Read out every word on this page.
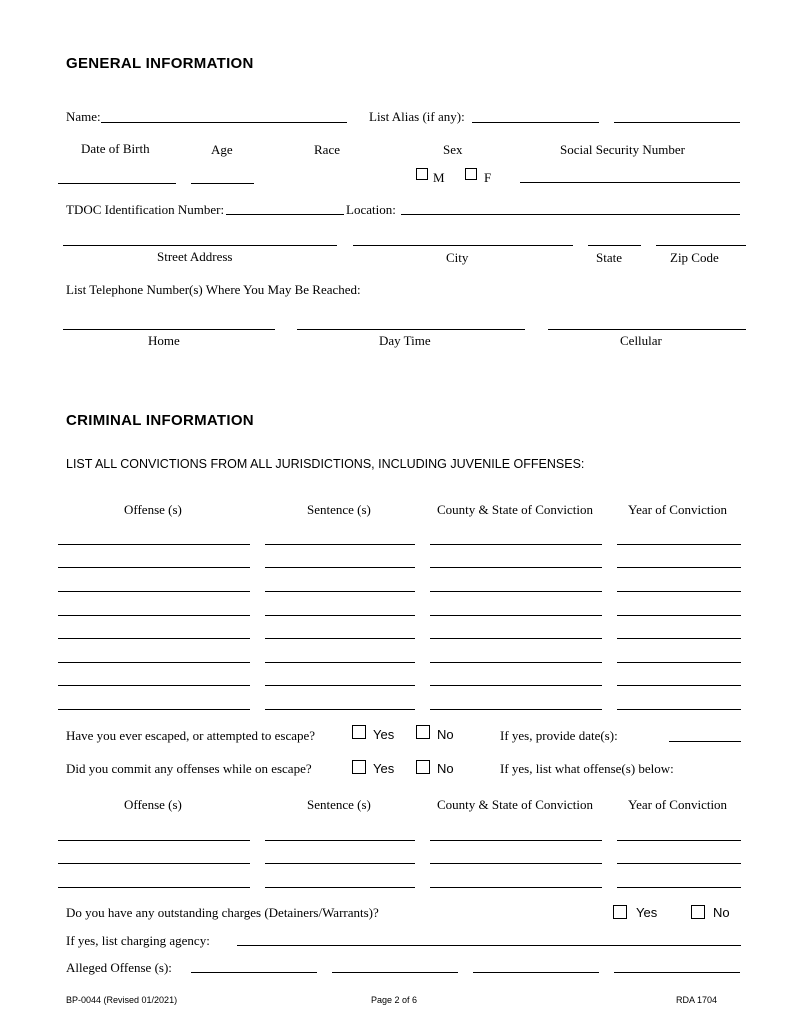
GENERAL INFORMATION
Name:	List Alias (if any):
Date of Birth	Age	Race	Sex	Social Security Number
M	F
TDOC Identification Number:	Location:
Street Address	City	State	Zip Code
List Telephone Number(s) Where You May Be Reached:
Home	Day Time	Cellular
CRIMINAL INFORMATION
LIST ALL CONVICTIONS FROM ALL JURISDICTIONS, INCLUDING JUVENILE OFFENSES:
Offense (s)	Sentence (s)	County & State of Conviction	Year of Conviction
Have you ever escaped, or attempted to escape?	Yes	No	If yes, provide date(s):
Did you commit any offenses while on escape?	Yes	No	If yes, list what offense(s) below:
Offense (s)	Sentence (s)	County & State of Conviction	Year of Conviction
Do you have any outstanding charges (Detainers/Warrants)?	Yes	No
If yes, list charging agency:
Alleged Offense (s):
BP-0044 (Revised 01/2021)	Page 2 of 6	RDA 1704
